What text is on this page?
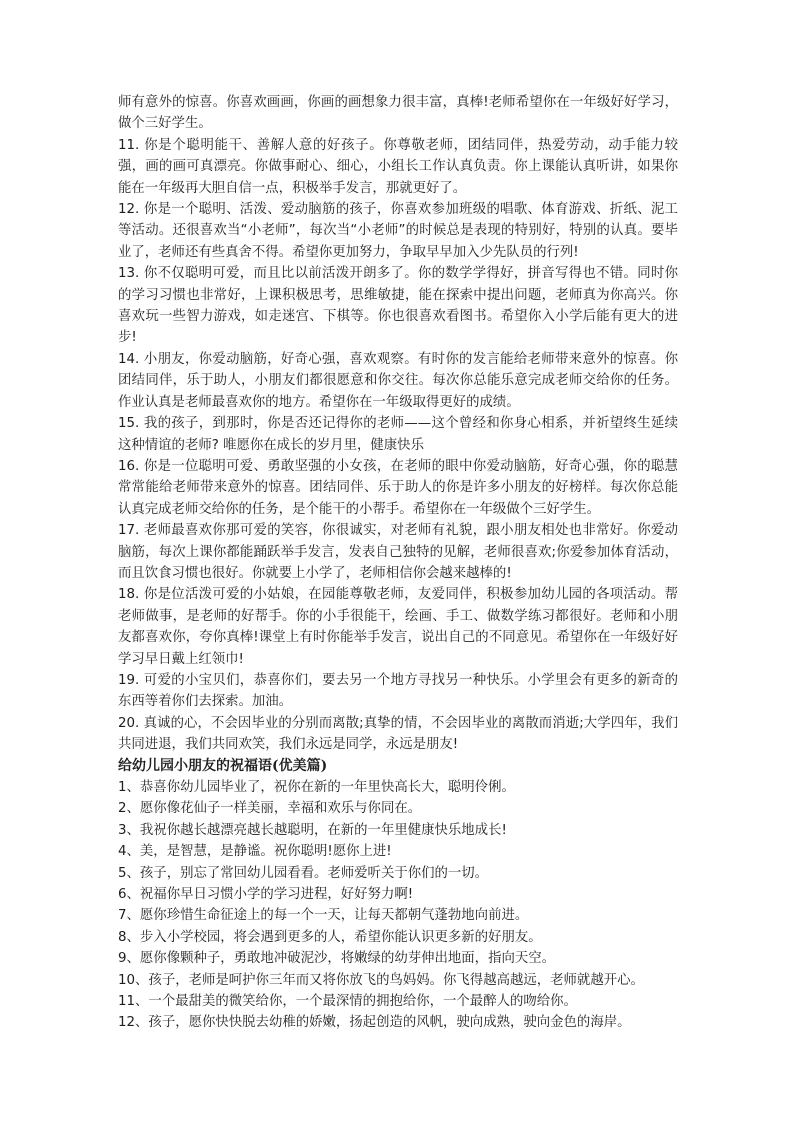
师有意外的惊喜。你喜欢画画，你画的画想象力很丰富，真棒!老师希望你在一年级好好学习，做个三好学生。

11. 你是个聪明能干、善解人意的好孩子。你尊敬老师，团结同伴，热爱劳动，动手能力较强，画的画可真漂亮。你做事耐心、细心，小组长工作认真负责。你上课能认真听讲，如果你能在一年级再大胆自信一点，积极举手发言，那就更好了。

12. 你是一个聪明、活泼、爱动脑筋的孩子，你喜欢参加班级的唱歌、体育游戏、折纸、泥工等活动。还很喜欢当“小老师”，每次当“小老师”的时候总是表现的特别好，特别的认真。要毕业了，老师还有些真舍不得。希望你更加努力，争取早早加入少先队员的行列!

13. 你不仅聪明可爱，而且比以前活泼开朗多了。你的数学学得好，拼音写得也不错。同时你的学习习惯也非常好，上课积极思考，思维敏捷，能在探索中提出问题，老师真为你高兴。你喜欢玩一些智力游戏，如走迷宫、下棋等。你也很喜欢看图书。希望你入小学后能有更大的进步!

14. 小朋友，你爱动脑筋，好奇心强，喜欢观察。有时你的发言能给老师带来意外的惊喜。你团结同伴，乐于助人，小朋友们都很愿意和你交往。每次你总能乐意完成老师交给你的任务。作业认真是老师最喜欢你的地方。希望你在一年级取得更好的成绩。

15. 我的孩子，到那时，你是否还记得你的老师——这个曾经和你身心相系，并祈望终生延续这种情谊的老师? 唯愿你在成长的岁月里，健康快乐

16. 你是一位聪明可爱、勇敢坚强的小女孩，在老师的眼中你爱动脑筋，好奇心强，你的聪慧常常能给老师带来意外的惊喜。团结同伴、乐于助人的你是许多小朋友的好榜样。每次你总能认真完成老师交给你的任务，是个能干的小帮手。希望你在一年级做个三好学生。

17. 老师最喜欢你那可爱的笑容，你很诚实，对老师有礼貌，跟小朋友相处也非常好。你爱动脑筋，每次上课你都能踊跃举手发言，发表自己独特的见解，老师很喜欢;你爱参加体育活动，而且饮食习惯也很好。你就要上小学了，老师相信你会越来越棒的!

18. 你是位活泼可爱的小姑娘，在园能尊敬老师，友爱同伴，积极参加幼儿园的各项活动。帮老师做事，是老师的好帮手。你的小手很能干，绘画、手工、做数学练习都很好。老师和小朋友都喜欢你，夸你真棒!课堂上有时你能举手发言，说出自己的不同意见。希望你在一年级好好学习早日戴上红领巾!

19. 可爱的小宝贝们，恭喜你们，要去另一个地方寻找另一种快乐。小学里会有更多的新奇的东西等着你们去探索。加油。

20. 真诚的心，不会因毕业的分别而离散;真挚的情，不会因毕业的离散而消逝;大学四年，我们共同进退，我们共同欢笑，我们永远是同学，永远是朋友!

给幼儿园小朋友的祝福语(优美篇)

1、恭喜你幼儿园毕业了，祝你在新的一年里快高长大，聪明伶俐。

2、愿你像花仙子一样美丽，幸福和欢乐与你同在。

3、我祝你越长越漂亮越长越聪明，在新的一年里健康快乐地成长!

4、美，是智慧，是静谧。祝你聪明!愿你上进!

5、孩子，别忘了常回幼儿园看看。老师爱听关于你们的一切。

6、祝福你早日习惯小学的学习进程，好好努力啊!

7、愿你珍惜生命征途上的每一个一天，让每天都朝气蓬勃地向前进。

8、步入小学校园，将会遇到更多的人，希望你能认识更多新的好朋友。

9、愿你像颗种子，勇敢地冲破泥沙，将嫩绿的幼芽伸出地面，指向天空。

10、孩子，老师是呵护你三年而又将你放飞的鸟妈妈。你飞得越高越远，老师就越开心。

11、一个最甜美的微笑给你，一个最深情的拥抱给你，一个最醉人的吻给你。

12、孩子，愿你快快脱去幼稚的娇嫩，扬起创造的风帆，驶向成熟，驶向金色的海岸。
